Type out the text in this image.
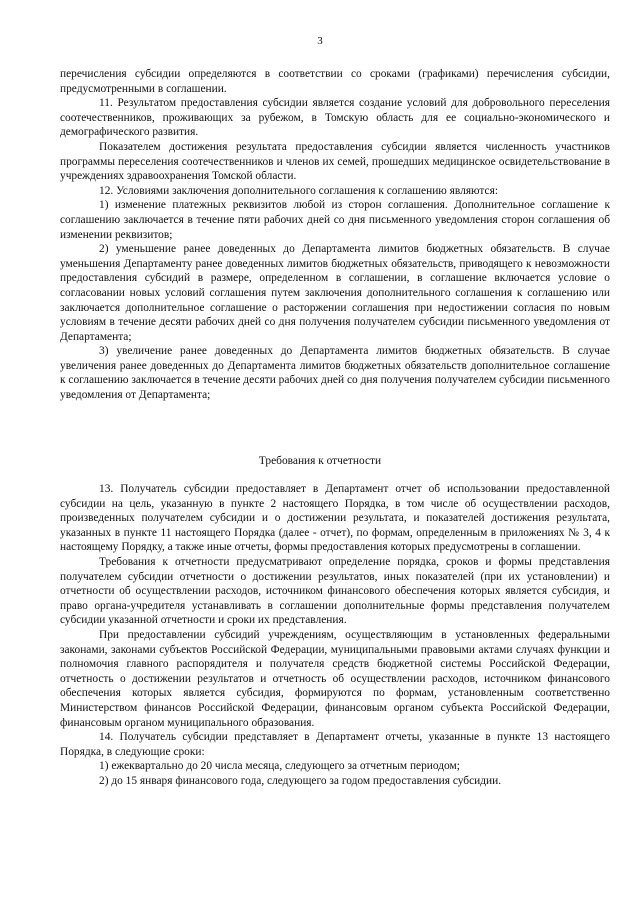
3

перечисления субсидии определяются в соответствии со сроками (графиками) перечисления субсидии, предусмотренными в соглашении.

11. Результатом предоставления субсидии является создание условий для добровольного переселения соотечественников, проживающих за рубежом, в Томскую область для ее социально-экономического и демографического развития.

Показателем достижения результата предоставления субсидии является численность участников программы переселения соотечественников и членов их семей, прошедших медицинское освидетельствование в учреждениях здравоохранения Томской области.

12. Условиями заключения дополнительного соглашения к соглашению являются:

1) изменение платежных реквизитов любой из сторон соглашения. Дополнительное соглашение к соглашению заключается в течение пяти рабочих дней со дня письменного уведомления сторон соглашения об изменении реквизитов;

2) уменьшение ранее доведенных до Департамента лимитов бюджетных обязательств. В случае уменьшения Департаменту ранее доведенных лимитов бюджетных обязательств, приводящего к невозможности предоставления субсидий в размере, определенном в соглашении, в соглашение включается условие о согласовании новых условий соглашения путем заключения дополнительного соглашения к соглашению или заключается дополнительное соглашение о расторжении соглашения при недостижении согласия по новым условиям в течение десяти рабочих дней со дня получения получателем субсидии письменного уведомления от Департамента;

3) увеличение ранее доведенных до Департамента лимитов бюджетных обязательств. В случае увеличения ранее доведенных до Департамента лимитов бюджетных обязательств дополнительное соглашение к соглашению заключается в течение десяти рабочих дней со дня получения получателем субсидии письменного уведомления от Департамента;

Требования к отчетности

13. Получатель субсидии предоставляет в Департамент отчет об использовании предоставленной субсидии на цель, указанную в пункте 2 настоящего Порядка, в том числе об осуществлении расходов, произведенных получателем субсидии и о достижении результата, и показателей достижения результата, указанных в пункте 11 настоящего Порядка (далее - отчет), по формам, определенным в приложениях № 3, 4 к настоящему Порядку, а также иные отчеты, формы предоставления которых предусмотрены в соглашении.

Требования к отчетности предусматривают определение порядка, сроков и формы представления получателем субсидии отчетности о достижении результатов, иных показателей (при их установлении) и отчетности об осуществлении расходов, источником финансового обеспечения которых является субсидия, и право органа-учредителя устанавливать в соглашении дополнительные формы представления получателем субсидии указанной отчетности и сроки их представления.

При предоставлении субсидий учреждениям, осуществляющим в установленных федеральными законами, законами субъектов Российской Федерации, муниципальными правовыми актами случаях функции и полномочия главного распорядителя и получателя средств бюджетной системы Российской Федерации, отчетность о достижении результатов и отчетность об осуществлении расходов, источником финансового обеспечения которых является субсидия, формируются по формам, установленным соответственно Министерством финансов Российской Федерации, финансовым органом субъекта Российской Федерации, финансовым органом муниципального образования.

14. Получатель субсидии представляет в Департамент отчеты, указанные в пункте 13 настоящего Порядка, в следующие сроки:

1) ежеквартально до 20 числа месяца, следующего за отчетным периодом;

2) до 15 января финансового года, следующего за годом предоставления субсидии.
